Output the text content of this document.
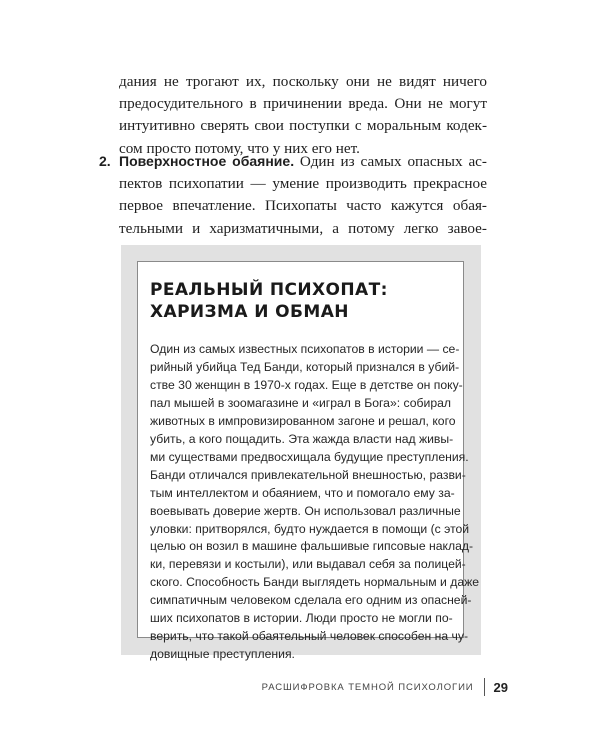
дания не трогают их, поскольку они не видят ничего
предосудительного в причинении вреда. Они не могут
интуитивно сверять свои поступки с моральным кодек-
сом просто потому, что у них его нет.
2. Поверхностное обаяние. Один из самых опасных ас-
пектов психопатии — умение производить прекрасное
первое впечатление. Психопаты часто кажутся обая-
тельными и харизматичными, а потому легко завое-
РЕАЛЬНЫЙ ПСИХОПАТ:
ХАРИЗМА И ОБМАН
Один из самых известных психопатов в истории — се-
рийный убийца Тед Банди, который признался в убий-
стве 30 женщин в 1970-х годах. Еще в детстве он поку-
пал мышей в зоомагазине и «играл в Бога»: собирал
животных в импровизированном загоне и решал, кого
убить, а кого пощадить. Эта жажда власти над живы-
ми существами предвосхищала будущие преступления.
Банди отличался привлекательной внешностью, разви-
тым интеллектом и обаянием, что и помогало ему за-
воевывать доверие жертв. Он использовал различные
уловки: притворялся, будто нуждается в помощи (с этой
целью он возил в машине фальшивые гипсовые наклад-
ки, перевязи и костыли), или выдавал себя за полицей-
ского. Способность Банди выглядеть нормальным и даже
симпатичным человеком сделала его одним из опасней-
ших психопатов в истории. Люди просто не могли по-
верить, что такой обаятельный человек способен на чу-
довищные преступления.
РАСШИФРОВКА ТЕМНОЙ ПСИХОЛОГИИ 29
